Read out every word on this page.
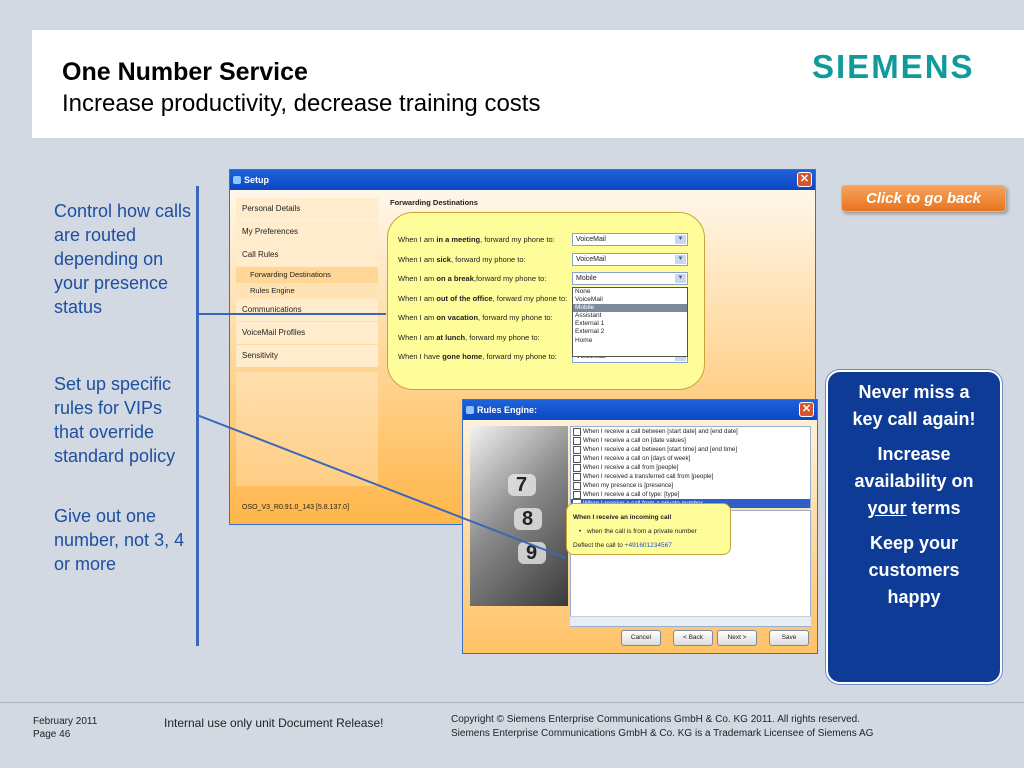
One Number Service
Increase productivity, decrease training costs
SIEMENS
Control how calls are routed depending on your presence status
Set up specific rules for VIPs that override standard policy
Give out one number, not 3, 4 or more
Setup	✕
Personal Details
My Preferences
Call Rules
Forwarding Destinations
Rules Engine
Communications
VoiceMail Profiles
Sensitivity
OSO_V3_R0.91.0_143 [5.8.137.0]
Forwarding Destinations
When I am in a meeting, forward my phone to:	VoiceMail	▼
When I am sick, forward my phone to:	VoiceMail	▼
When I am on a break,forward my phone to:	Mobile	▼
When I am out of the office, forward my phone to:
When I am on vacation, forward my phone to:
When I am at lunch, forward my phone to:
When I have gone home, forward my phone to:
None
VoiceMail
Mobile
Assistant
External 1
External 2
Home
Rules Engine:	✕
7
8
9
When I receive a call between [start date] and [end date]
When I receive a call on [date values]
When I receive a call between [start time] and [end time]
When I receive a call on [days of week]
When I receive a call from [people]
When I received a transferred call from [people]
When my presence is [presence]
When I receive a call of type: [type]
Cancel	< Back	Next >	Save
When I receive an incoming call
• when the call is from a private number
Deflect the call to +491601234567
Click to go back
Never miss a key call again!
Increase availability on your terms
Keep your customers happy
February 2011
Page 46
Internal use only unit Document Release!	Copyright © Siemens Enterprise Communications GmbH & Co. KG 2011. All rights reserved.
Siemens Enterprise Communications GmbH & Co. KG is a Trademark Licensee of Siemens AG
